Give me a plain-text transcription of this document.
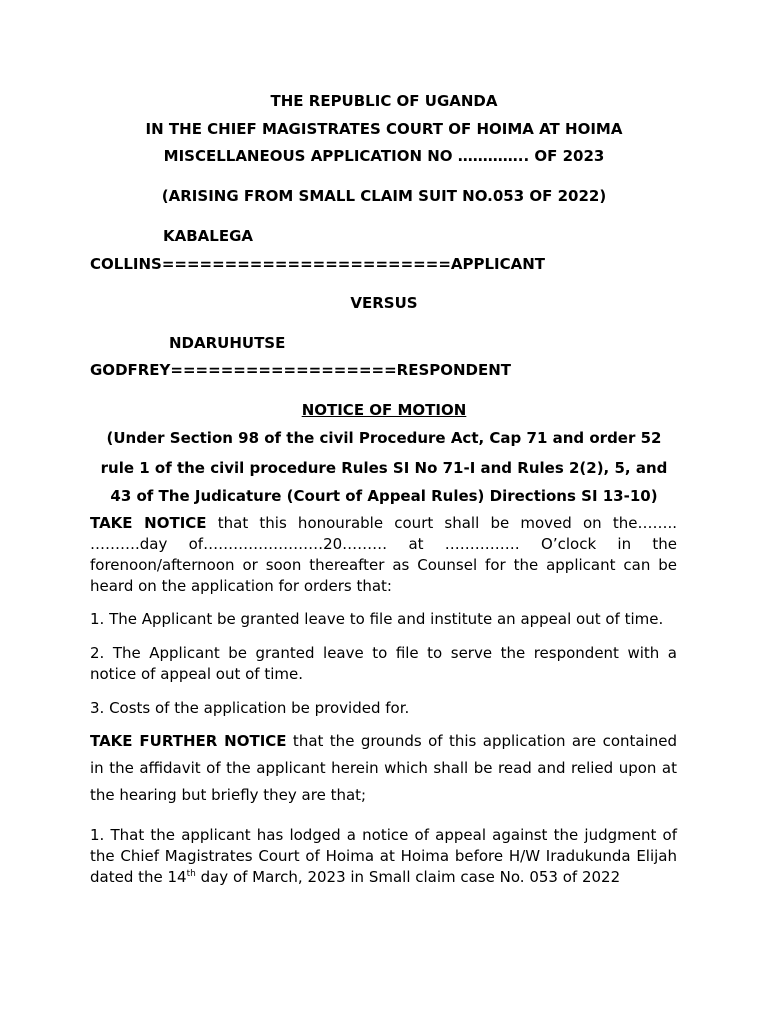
THE REPUBLIC OF UGANDA
IN THE CHIEF MAGISTRATES COURT OF HOIMA AT HOIMA
MISCELLANEOUS APPLICATION NO ………….. OF 2023
(ARISING FROM SMALL CLAIM SUIT NO.053 OF 2022)
KABALEGA
COLLINS=======================APPLICANT
VERSUS
NDARUHUTSE
GODFREY==================RESPONDENT
NOTICE OF MOTION
(Under Section 98 of the civil Procedure Act, Cap 71 and order 52
rule 1 of the civil procedure Rules SI No 71-I and Rules 2(2), 5, and
43 of The Judicature (Court of Appeal Rules) Directions SI 13-10)
TAKE NOTICE that this honourable court shall be moved on the…….. ……….day of……………………20……… at …………… O’clock in the forenoon/afternoon or soon thereafter as Counsel for the applicant can be heard on the application for orders that:
1. The Applicant be granted leave to file and institute an appeal out of time.
2. The Applicant be granted leave to file to serve the respondent with a notice of appeal out of time.
3. Costs of the application be provided for.
TAKE FURTHER NOTICE that the grounds of this application are contained in the affidavit of the applicant herein which shall be read and relied upon at the hearing but briefly they are that;
1. That the applicant has lodged a notice of appeal against the judgment of the Chief Magistrates Court of Hoima at Hoima before H/W Iradukunda Elijah dated the 14th day of March, 2023 in Small claim case No. 053 of 2022
